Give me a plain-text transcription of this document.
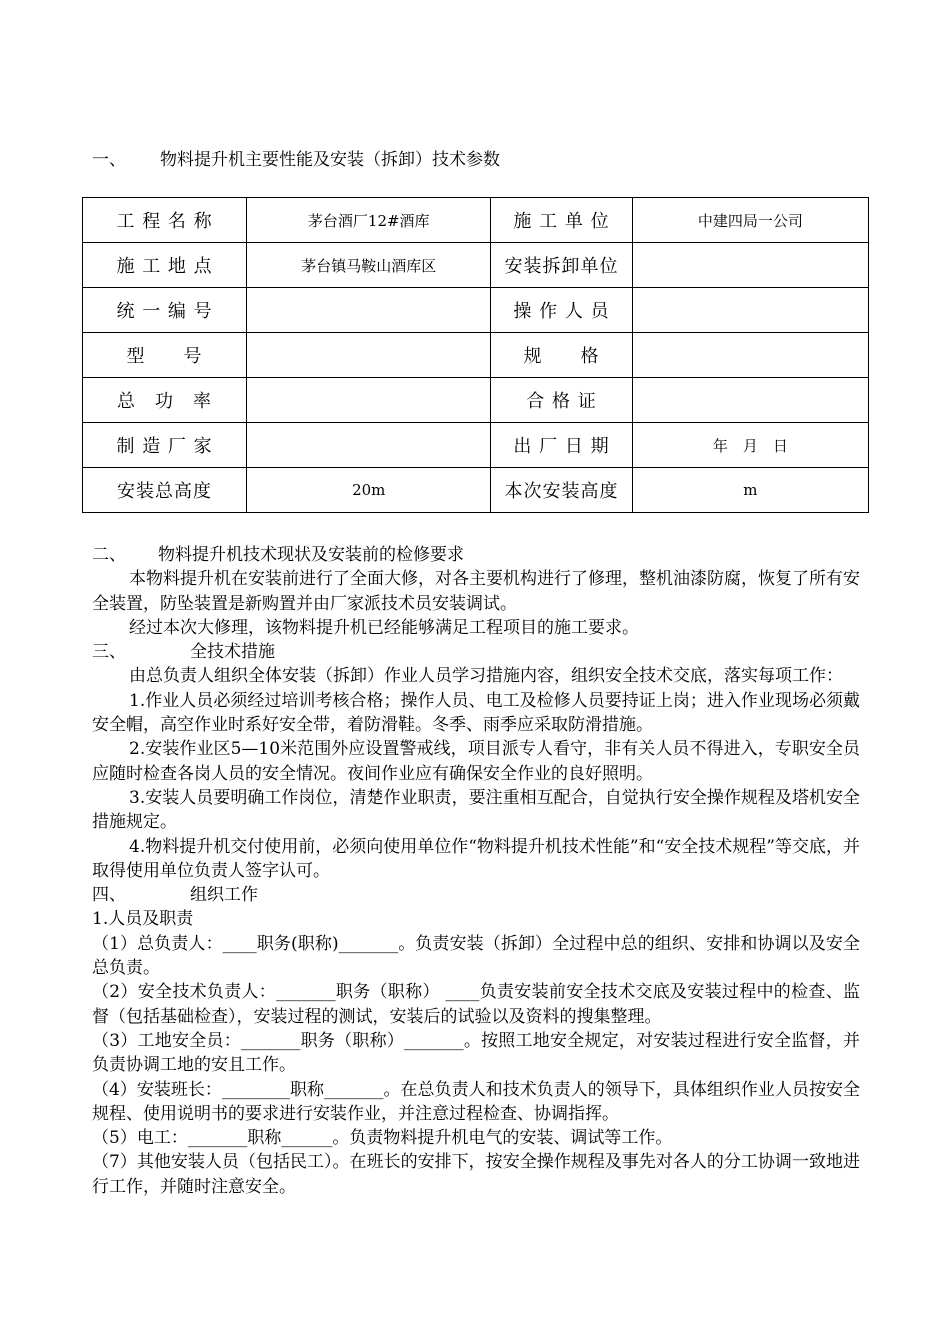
一、 物料提升机主要性能及安装（拆卸）技术参数
工 程 名 称	茅台酒厂12#酒库	施 工 单 位	中建四局一公司
施 工 地 点	茅台镇马鞍山酒库区	安装拆卸单位	
统 一 编 号		操 作 人 员	
型　　号		规　　格	
总　功　率		合 格 证	
制 造 厂 家		出 厂 日 期	年　月　日
安装总高度	20m	本次安装高度	m

二、 物料提升机技术现状及安装前的检修要求

本物料提升机在安装前进行了全面大修，对各主要机构进行了修理，整机油漆防腐，恢复了所有安全装置，防坠装置是新购置并由厂家派技术员安装调试。

经过本次大修理，该物料提升机已经能够满足工程项目的施工要求。

三、	全技术措施

由总负责人组织全体安装（拆卸）作业人员学习措施内容，组织安全技术交底，落实每项工作：

1.作业人员必须经过培训考核合格；操作人员、电工及检修人员要持证上岗；进入作业现场必须戴安全帽，高空作业时系好安全带，着防滑鞋。冬季、雨季应采取防滑措施。

2.安装作业区5—10米范围外应设置警戒线，项目派专人看守，非有关人员不得进入，专职安全员应随时检查各岗人员的安全情况。夜间作业应有确保安全作业的良好照明。

3.安装人员要明确工作岗位，清楚作业职责，要注重相互配合，自觉执行安全操作规程及塔机安全措施规定。

4.物料提升机交付使用前，必须向使用单位作“物料提升机技术性能”和“安全技术规程”等交底，并取得使用单位负责人签字认可。

四、	组织工作

1.人员及职责

（1）总负责人：____职务(职称)_______。负责安装（拆卸）全过程中总的组织、安排和协调以及安全总负责。

（2）安全技术负责人：_______职务（职称） ____负责安装前安全技术交底及安装过程中的检查、监督（包括基础检查），安装过程的测试，安装后的试验以及资料的搜集整理。

（3）工地安全员：_______职务（职称）_______。按照工地安全规定，对安装过程进行安全监督，并负责协调工地的安且工作。

（4）安装班长：________职称_______。在总负责人和技术负责人的领导下，具体组织作业人员按安全规程、使用说明书的要求进行安装作业，并注意过程检查、协调指挥。

（5）电工：_______职称______。负责物料提升机电气的安装、调试等工作。

（7）其他安装人员（包括民工）。在班长的安排下，按安全操作规程及事先对各人的分工协调一致地进行工作，并随时注意安全。
